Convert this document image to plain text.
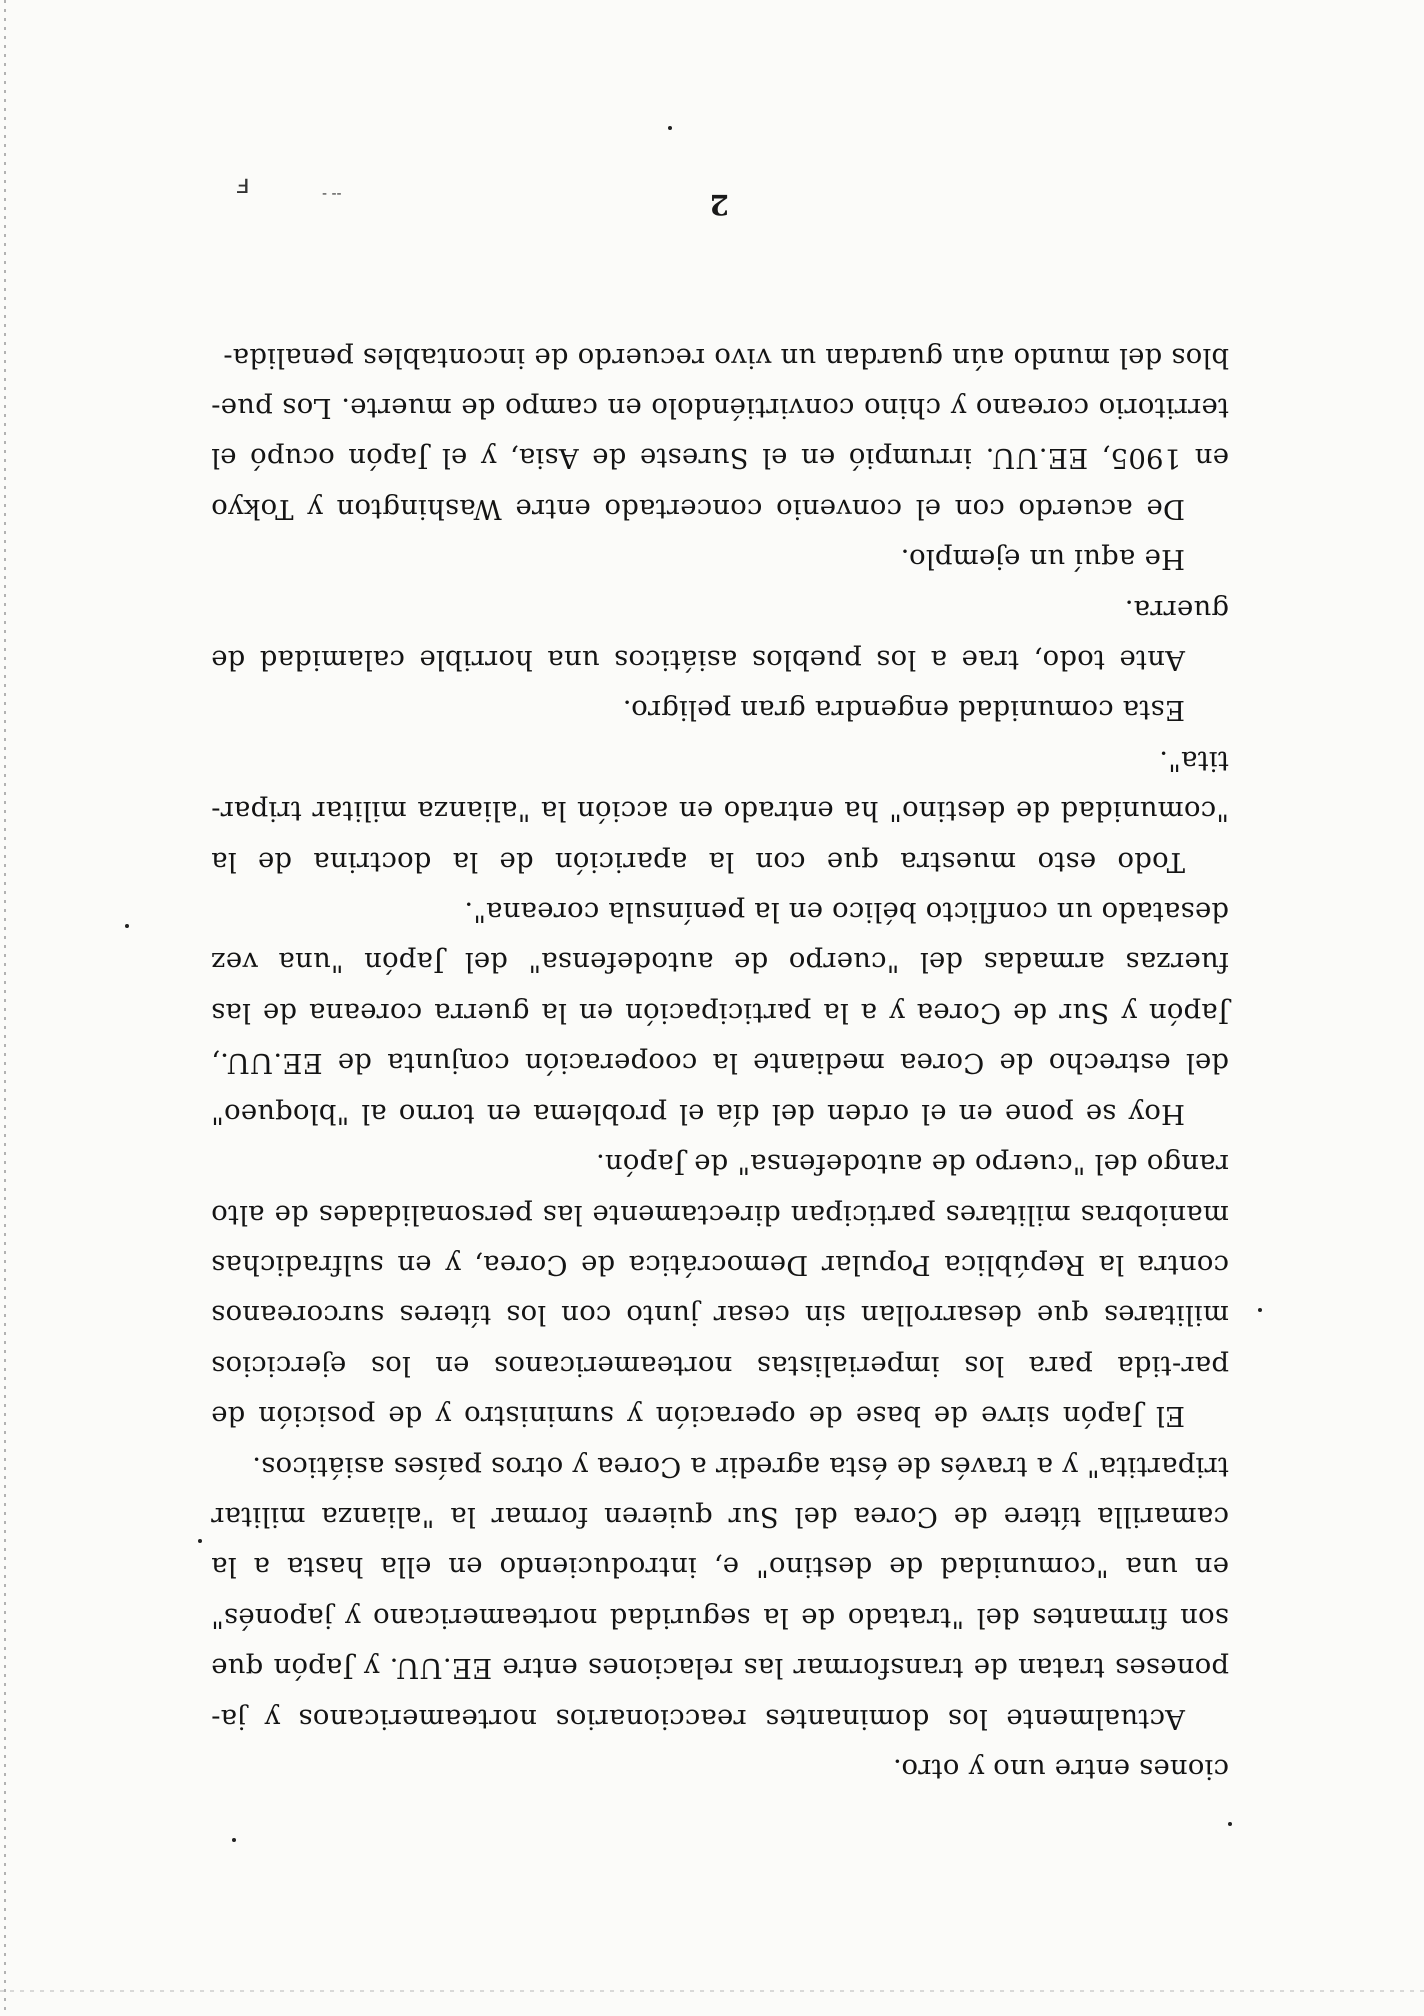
ciones entre uno y otro.

Actualmente los dominantes reaccionarios norteamericanos y ja-poneses tratan de transformar las relaciones entre EE.UU. y Japón que son firmantes del "tratado de la seguridad norteamericano y japonés" en una "comunidad de destino" e, introduciendo en ella hasta a la camarilla títere de Corea del Sur quieren formar la "alianza militar tripartita" y a través de ésta agredir a Corea y otros países asiáticos.

El Japón sirve de base de operación y suministro y de posición de par-tida para los imperialistas norteamericanos en los ejercicios militares que desarrollan sin cesar junto con los títeres surcoreanos contra la República Popular Democrática de Corea, y en sulfradichas maniobras militares participan directamente las personalidades de alto rango del "cuerpo de autodefensa" de Japón.

Hoy se pone en el orden del día el problema en torno al "bloqueo" del estrecho de Corea mediante la cooperación conjunta de EE.UU., Japón y Sur de Corea y a la participación en la guerra coreana de las fuerzas armadas del "cuerpo de autodefensa" del Japón "una vez desatado un conflicto bélico en la península coreana".

Todo esto muestra que con la aparición de la doctrina de la "comunidad de destino" ha entrado en acción la "alianza militar tripar-tita".

Esta comunidad engendra gran peligro.

Ante todo, trae a los pueblos asiáticos una horrible calamidad de guerra.

He aquí un ejemplo.

De acuerdo con el convenio concertado entre Washington y Tokyo en 1905, EE.UU. irrumpió en el Sureste de Asia, y el Japón ocupó el territorio coreano y chino convirtiéndolo en campo de muerte. Los pue-blos del mundo aún guardan un vivo recuerdo de incontables penalida-

2
ⅎ	- --
